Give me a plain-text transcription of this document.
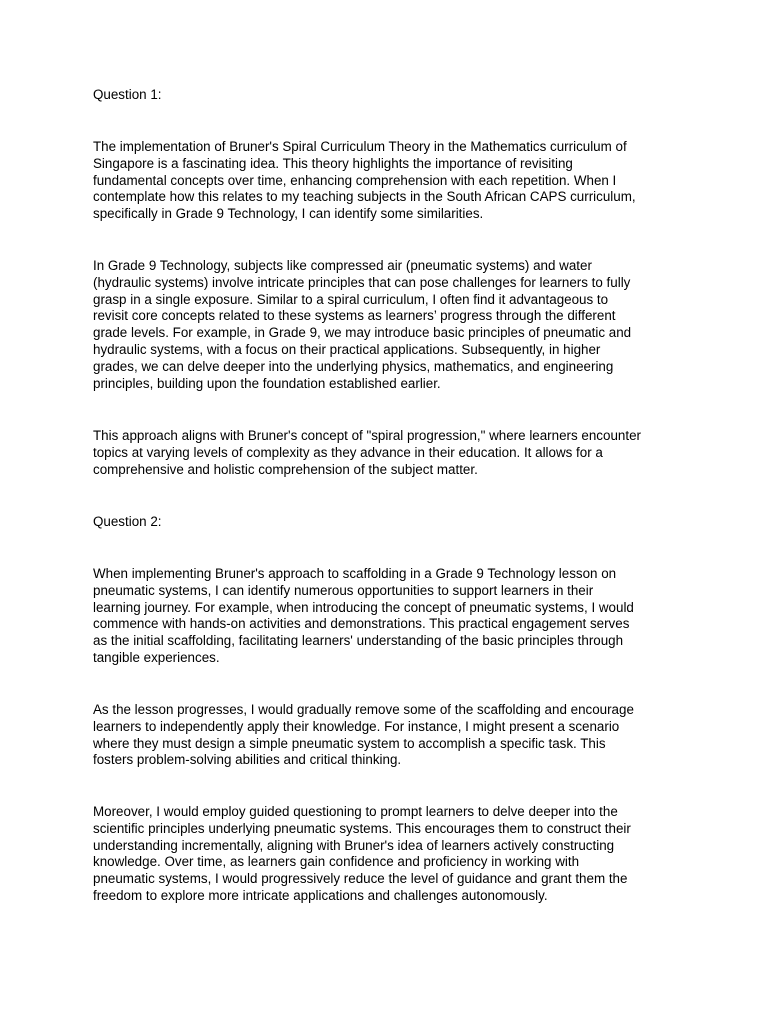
Question 1:

The implementation of Bruner's Spiral Curriculum Theory in the Mathematics curriculum of
Singapore is a fascinating idea. This theory highlights the importance of revisiting
fundamental concepts over time, enhancing comprehension with each repetition. When I
contemplate how this relates to my teaching subjects in the South African CAPS curriculum,
specifically in Grade 9 Technology, I can identify some similarities.

In Grade 9 Technology, subjects like compressed air (pneumatic systems) and water
(hydraulic systems) involve intricate principles that can pose challenges for learners to fully
grasp in a single exposure. Similar to a spiral curriculum, I often find it advantageous to
revisit core concepts related to these systems as learners’ progress through the different
grade levels. For example, in Grade 9, we may introduce basic principles of pneumatic and
hydraulic systems, with a focus on their practical applications. Subsequently, in higher
grades, we can delve deeper into the underlying physics, mathematics, and engineering
principles, building upon the foundation established earlier.

This approach aligns with Bruner's concept of "spiral progression," where learners encounter
topics at varying levels of complexity as they advance in their education. It allows for a
comprehensive and holistic comprehension of the subject matter.

Question 2:

When implementing Bruner's approach to scaffolding in a Grade 9 Technology lesson on
pneumatic systems, I can identify numerous opportunities to support learners in their
learning journey. For example, when introducing the concept of pneumatic systems, I would
commence with hands-on activities and demonstrations. This practical engagement serves
as the initial scaffolding, facilitating learners' understanding of the basic principles through
tangible experiences.

As the lesson progresses, I would gradually remove some of the scaffolding and encourage
learners to independently apply their knowledge. For instance, I might present a scenario
where they must design a simple pneumatic system to accomplish a specific task. This
fosters problem-solving abilities and critical thinking.

Moreover, I would employ guided questioning to prompt learners to delve deeper into the
scientific principles underlying pneumatic systems. This encourages them to construct their
understanding incrementally, aligning with Bruner's idea of learners actively constructing
knowledge. Over time, as learners gain confidence and proficiency in working with
pneumatic systems, I would progressively reduce the level of guidance and grant them the
freedom to explore more intricate applications and challenges autonomously.
